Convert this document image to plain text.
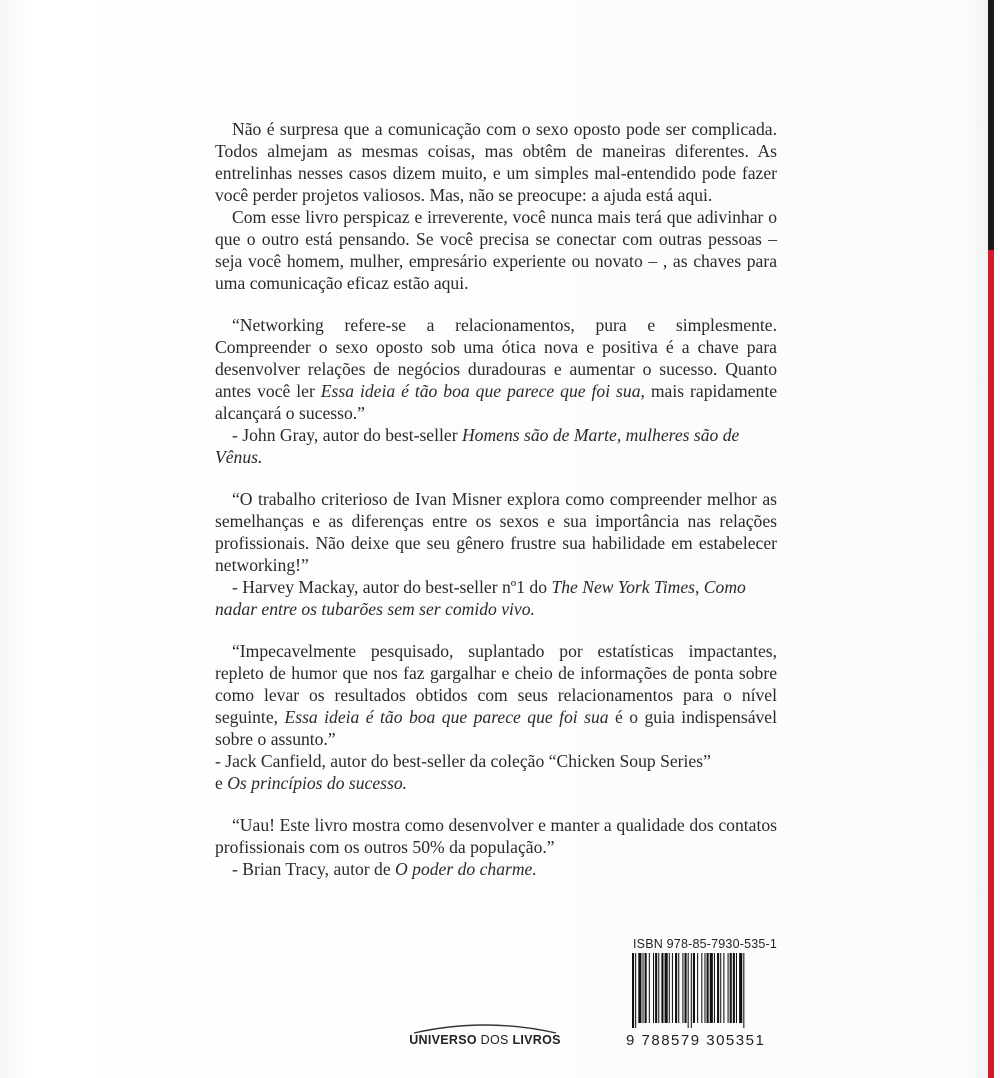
Não é surpresa que a comunicação com o sexo oposto pode ser complicada. Todos almejam as mesmas coisas, mas obtêm de maneiras diferentes. As entrelinhas nesses casos dizem muito, e um simples mal-entendido pode fazer você perder projetos valiosos. Mas, não se preocupe: a ajuda está aqui.

Com esse livro perspicaz e irreverente, você nunca mais terá que adivinhar o que o outro está pensando. Se você precisa se conectar com outras pessoas – seja você homem, mulher, empresário experiente ou novato – , as chaves para uma comunicação eficaz estão aqui.

“Networking refere-se a relacionamentos, pura e simplesmente. Compreender o sexo oposto sob uma ótica nova e positiva é a chave para desenvolver relações de negócios duradouras e aumentar o sucesso. Quanto antes você ler Essa ideia é tão boa que parece que foi sua, mais rapidamente alcançará o sucesso.”

- John Gray, autor do best-seller Homens são de Marte, mulheres são de Vênus.

“O trabalho criterioso de Ivan Misner explora como compreender melhor as semelhanças e as diferenças entre os sexos e sua importância nas relações profissionais. Não deixe que seu gênero frustre sua habilidade em estabelecer networking!”

- Harvey Mackay, autor do best-seller nº1 do The New York Times, Como nadar entre os tubarões sem ser comido vivo.

“Impecavelmente pesquisado, suplantado por estatísticas impactantes, repleto de humor que nos faz gargalhar e cheio de informações de ponta sobre como levar os resultados obtidos com seus relacionamentos para o nível seguinte, Essa ideia é tão boa que parece que foi sua é o guia indispensável sobre o assunto.”

- Jack Canfield, autor do best-seller da coleção “Chicken Soup Series”
e Os princípios do sucesso.

“Uau! Este livro mostra como desenvolver e manter a qualidade dos contatos profissionais com os outros 50% da população.”

- Brian Tracy, autor de O poder do charme.

ISBN 978-85-7930-535-1
9 788579 305351
UNIVERSO DOS LIVROS
